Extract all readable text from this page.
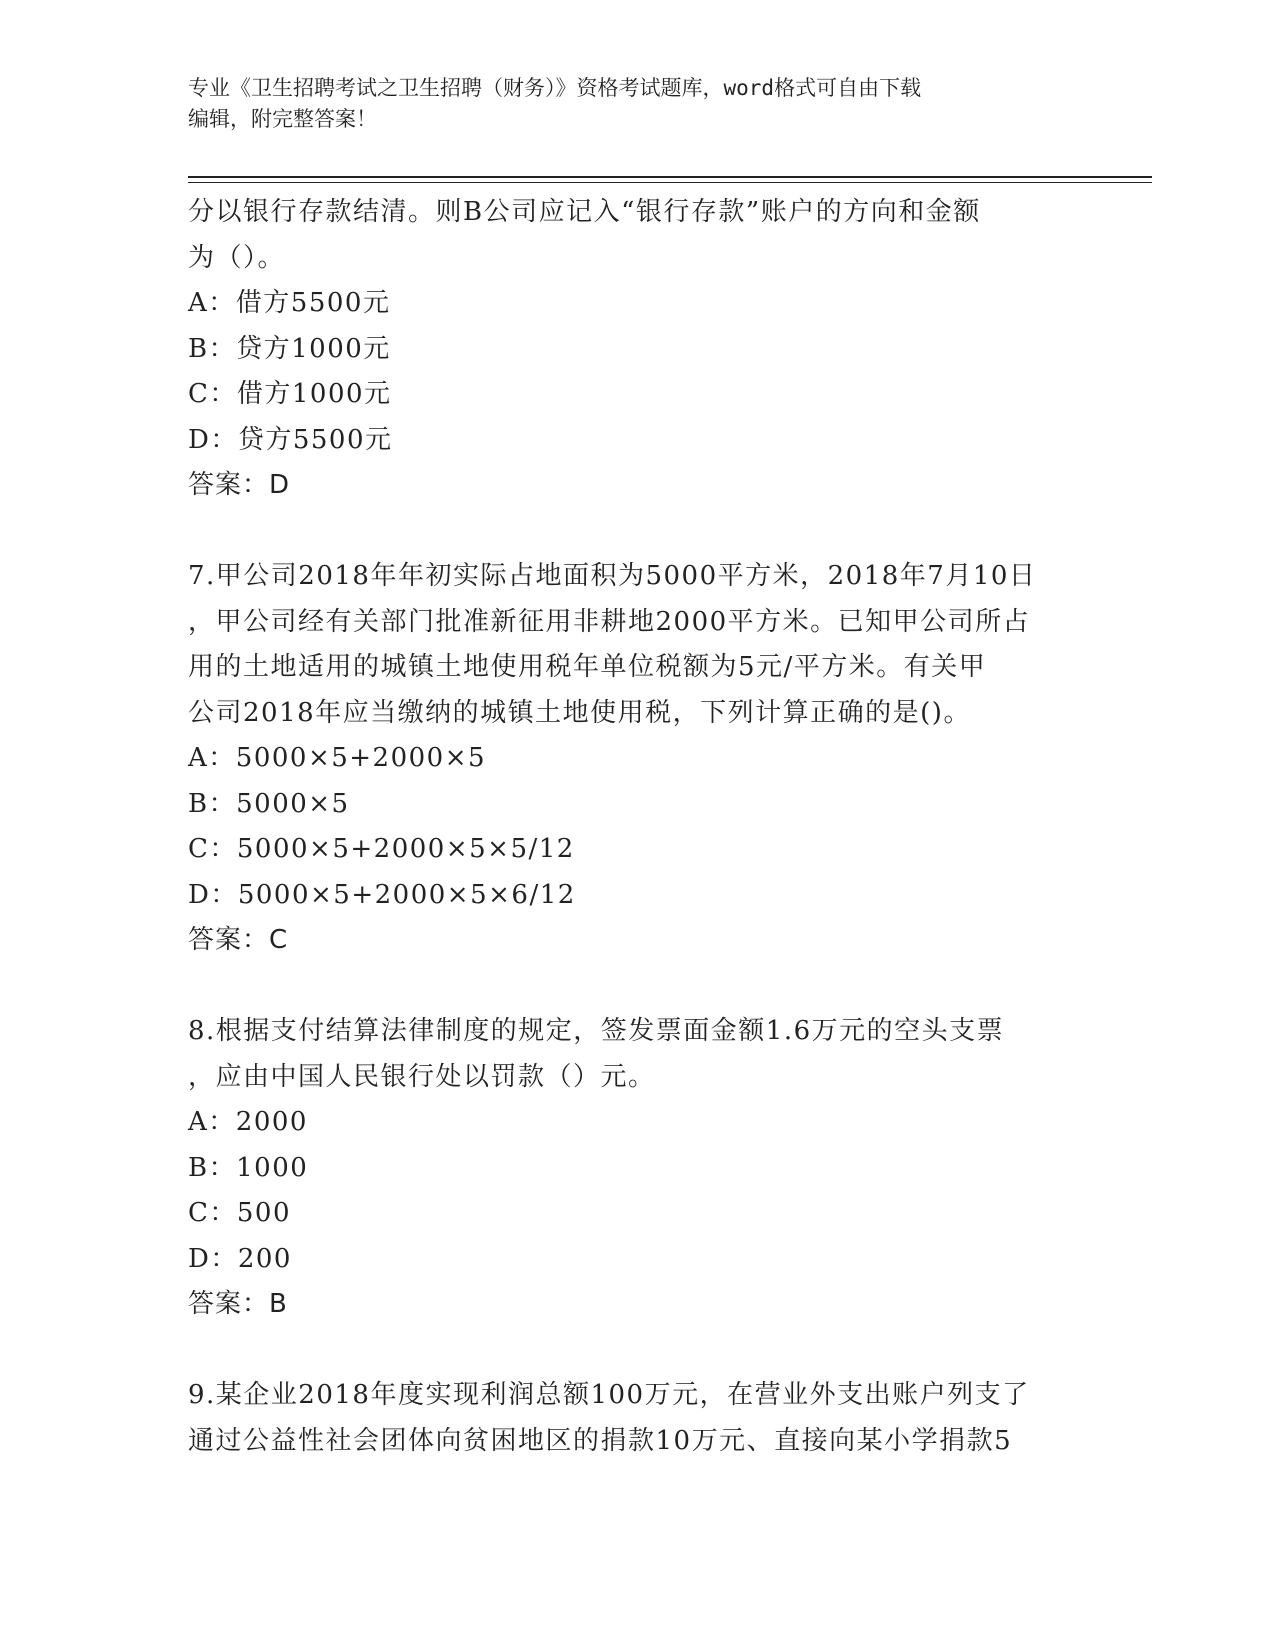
专业《卫生招聘考试之卫生招聘（财务）》资格考试题库，word格式可自由下载
编辑，附完整答案！
分以银行存款结清。则B公司应记入“银行存款”账户的方向和金额
为（）。
A：借方5500元
B：贷方1000元
C：借方1000元
D：贷方5500元
答案：D
7.甲公司2018年年初实际占地面积为5000平方米，2018年7月10日
，甲公司经有关部门批准新征用非耕地2000平方米。已知甲公司所占
用的土地适用的城镇土地使用税年单位税额为5元/平方米。有关甲
公司2018年应当缴纳的城镇土地使用税，下列计算正确的是()。
A：5000×5+2000×5
B：5000×5
C：5000×5+2000×5×5/12
D：5000×5+2000×5×6/12
答案：C
8.根据支付结算法律制度的规定，签发票面金额1.6万元的空头支票
，应由中国人民银行处以罚款（）元。
A：2000
B：1000
C：500
D：200
答案：B
9.某企业2018年度实现利润总额100万元，在营业外支出账户列支了
通过公益性社会团体向贫困地区的捐款10万元、直接向某小学捐款5
